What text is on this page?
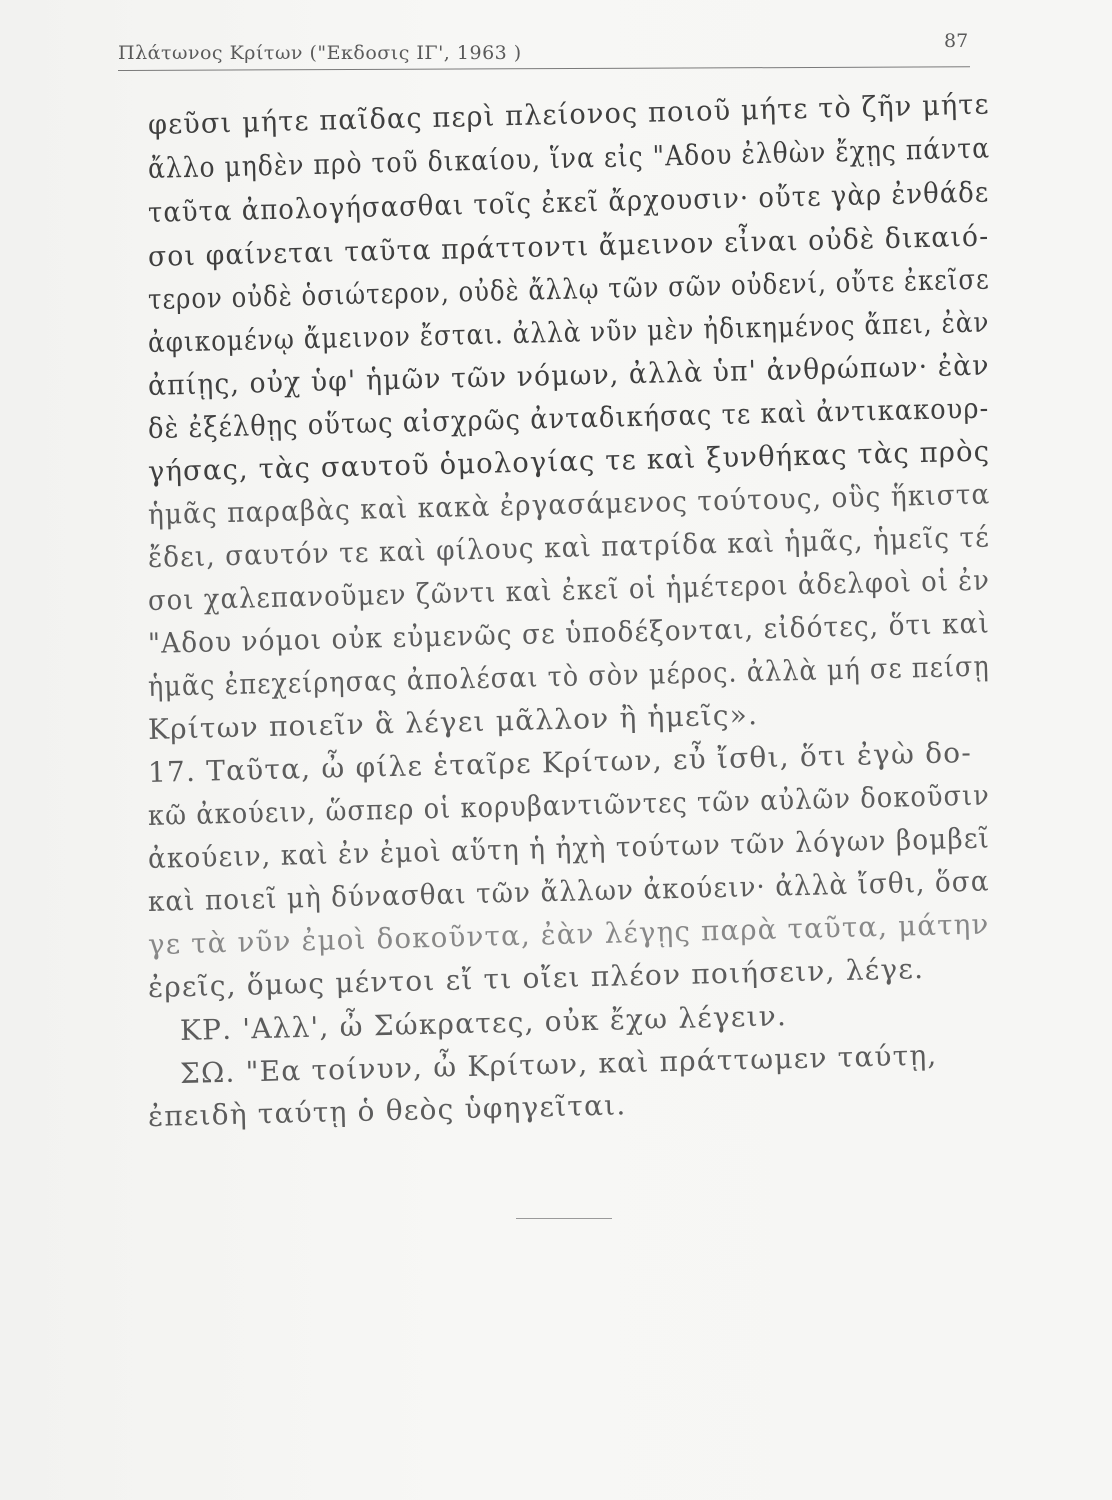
Πλάτωνος Κρίτων ("Εκδοσις ΙΓ', 1963 )
87
φεῦσι μήτε παῖδας περὶ πλείονος ποιοῦ μήτε τὸ ζῆν μήτε
ἄλλο μηδὲν πρὸ τοῦ δικαίου, ἵνα εἰς "Αδου ἐλθὼν ἔχῃς πάντα
ταῦτα ἀπολογήσασθαι τοῖς ἐκεῖ ἄρχουσιν· οὔτε γὰρ ἐνθάδε
σοι φαίνεται ταῦτα πράττοντι ἄμεινον εἶναι οὐδὲ δικαιό-
τερον οὐδὲ ὁσιώτερον, οὐδὲ ἄλλῳ τῶν σῶν οὐδενί, οὔτε ἐκεῖσε
ἀφικομένῳ ἄμεινον ἔσται. ἀλλὰ νῦν μὲν ἠδικημένος ἄπει, ἐὰν
ἀπίῃς, οὐχ ὑφ' ἡμῶν τῶν νόμων, ἀλλὰ ὑπ' ἀνθρώπων· ἐὰν
δὲ ἐξέλθῃς οὕτως αἰσχρῶς ἀνταδικήσας τε καὶ ἀντικακουρ-
γήσας, τὰς σαυτοῦ ὁμολογίας τε καὶ ξυνθήκας τὰς πρὸς
ἡμᾶς παραβὰς καὶ κακὰ ἐργασάμενος τούτους, οὓς ἥκιστα
ἔδει, σαυτόν τε καὶ φίλους καὶ πατρίδα καὶ ἡμᾶς, ἡμεῖς τέ
σοι χαλεπανοῦμεν ζῶντι καὶ ἐκεῖ οἱ ἡμέτεροι ἀδελφοὶ οἱ ἐν
"Αδου νόμοι οὐκ εὐμενῶς σε ὑποδέξονται, εἰδότες, ὅτι καὶ
ἡμᾶς ἐπεχείρησας ἀπολέσαι τὸ σὸν μέρος. ἀλλὰ μή σε πείσῃ
Κρίτων ποιεῖν ἃ λέγει μᾶλλον ἢ ἡμεῖς».
17. Ταῦτα, ὦ φίλε ἑταῖρε Κρίτων, εὖ ἴσθι, ὅτι ἐγὼ δο-
κῶ ἀκούειν, ὥσπερ οἱ κορυβαντιῶντες τῶν αὐλῶν δοκοῦσιν
ἀκούειν, καὶ ἐν ἐμοὶ αὕτη ἡ ἠχὴ τούτων τῶν λόγων βομβεῖ
καὶ ποιεῖ μὴ δύνασθαι τῶν ἄλλων ἀκούειν· ἀλλὰ ἴσθι, ὅσα
γε τὰ νῦν ἐμοὶ δοκοῦντα, ἐὰν λέγῃς παρὰ ταῦτα, μάτην
ἐρεῖς, ὅμως μέντοι εἴ τι οἴει πλέον ποιήσειν, λέγε.
ΚΡ. 'Αλλ', ὦ Σώκρατες, οὐκ ἔχω λέγειν.
ΣΩ. "Εα τοίνυν, ὦ Κρίτων, καὶ πράττωμεν ταύτῃ,
ἐπειδὴ ταύτῃ ὁ θεὸς ὑφηγεῖται.
